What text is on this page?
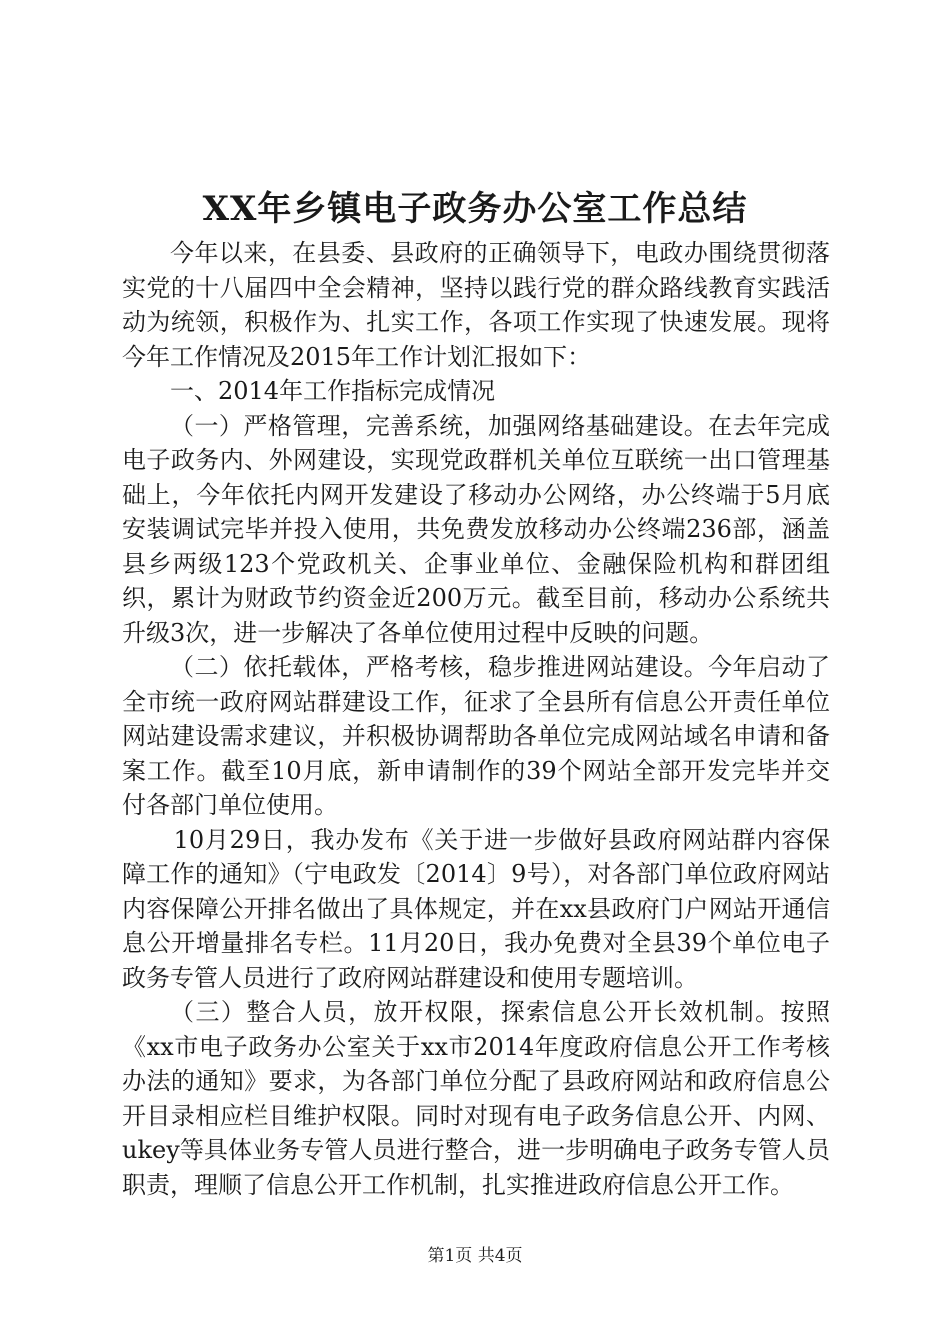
XX年乡镇电子政务办公室工作总结

今年以来，在县委、县政府的正确领导下，电政办围绕贯彻落实党的十八届四中全会精神，坚持以践行党的群众路线教育实践活动为统领，积极作为、扎实工作，各项工作实现了快速发展。现将今年工作情况及2015年工作计划汇报如下：

一、2014年工作指标完成情况

（一）严格管理，完善系统，加强网络基础建设。在去年完成电子政务内、外网建设，实现党政群机关单位互联统一出口管理基础上，今年依托内网开发建设了移动办公网络，办公终端于5月底安装调试完毕并投入使用，共免费发放移动办公终端236部，涵盖县乡两级123个党政机关、企事业单位、金融保险机构和群团组织，累计为财政节约资金近200万元。截至目前，移动办公系统共升级3次，进一步解决了各单位使用过程中反映的问题。

（二）依托载体，严格考核，稳步推进网站建设。今年启动了全市统一政府网站群建设工作，征求了全县所有信息公开责任单位网站建设需求建议，并积极协调帮助各单位完成网站域名申请和备案工作。截至10月底，新申请制作的39个网站全部开发完毕并交付各部门单位使用。

10月29日，我办发布《关于进一步做好县政府网站群内容保障工作的通知》（宁电政发〔2014〕9号），对各部门单位政府网站内容保障公开排名做出了具体规定，并在xx县政府门户网站开通信息公开增量排名专栏。11月20日，我办免费对全县39个单位电子政务专管人员进行了政府网站群建设和使用专题培训。

（三）整合人员，放开权限，探索信息公开长效机制。按照《xx市电子政务办公室关于xx市2014年度政府信息公开工作考核办法的通知》要求，为各部门单位分配了县政府网站和政府信息公开目录相应栏目维护权限。同时对现有电子政务信息公开、内网、ukey等具体业务专管人员进行整合，进一步明确电子政务专管人员职责，理顺了信息公开工作机制，扎实推进政府信息公开工作。

第1页 共4页
